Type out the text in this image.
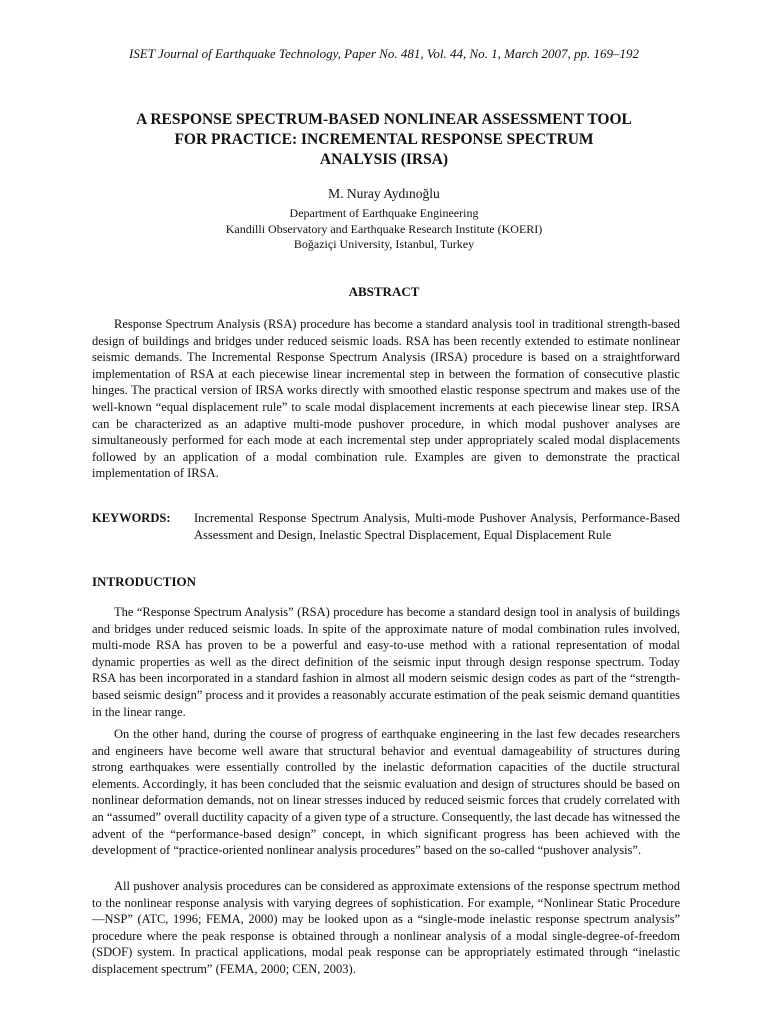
ISET Journal of Earthquake Technology, Paper No. 481, Vol. 44, No. 1, March 2007, pp. 169–192
A RESPONSE SPECTRUM-BASED NONLINEAR ASSESSMENT TOOL
FOR PRACTICE: INCREMENTAL RESPONSE SPECTRUM
ANALYSIS (IRSA)
M. Nuray Aydınoğlu
Department of Earthquake Engineering
Kandilli Observatory and Earthquake Research Institute (KOERI)
Boğaziçi University, Istanbul, Turkey
ABSTRACT
Response Spectrum Analysis (RSA) procedure has become a standard analysis tool in traditional strength-based design of buildings and bridges under reduced seismic loads. RSA has been recently extended to estimate nonlinear seismic demands. The Incremental Response Spectrum Analysis (IRSA) procedure is based on a straightforward implementation of RSA at each piecewise linear incremental step in between the formation of consecutive plastic hinges. The practical version of IRSA works directly with smoothed elastic response spectrum and makes use of the well-known “equal displacement rule” to scale modal displacement increments at each piecewise linear step. IRSA can be characterized as an adaptive multi-mode pushover procedure, in which modal pushover analyses are simultaneously performed for each mode at each incremental step under appropriately scaled modal displacements followed by an application of a modal combination rule. Examples are given to demonstrate the practical implementation of IRSA.
KEYWORDS:	Incremental Response Spectrum Analysis, Multi-mode Pushover Analysis, Performance-Based Assessment and Design, Inelastic Spectral Displacement, Equal Displacement Rule
INTRODUCTION
The “Response Spectrum Analysis” (RSA) procedure has become a standard design tool in analysis of buildings and bridges under reduced seismic loads. In spite of the approximate nature of modal combination rules involved, multi-mode RSA has proven to be a powerful and easy-to-use method with a rational representation of modal dynamic properties as well as the direct definition of the seismic input through design response spectrum. Today RSA has been incorporated in a standard fashion in almost all modern seismic design codes as part of the “strength-based seismic design” process and it provides a reasonably accurate estimation of the peak seismic demand quantities in the linear range.
On the other hand, during the course of progress of earthquake engineering in the last few decades researchers and engineers have become well aware that structural behavior and eventual damageability of structures during strong earthquakes were essentially controlled by the inelastic deformation capacities of the ductile structural elements. Accordingly, it has been concluded that the seismic evaluation and design of structures should be based on nonlinear deformation demands, not on linear stresses induced by reduced seismic forces that crudely correlated with an “assumed” overall ductility capacity of a given type of a structure. Consequently, the last decade has witnessed the advent of the “performance-based design” concept, in which significant progress has been achieved with the development of “practice-oriented nonlinear analysis procedures” based on the so-called “pushover analysis”.
All pushover analysis procedures can be considered as approximate extensions of the response spectrum method to the nonlinear response analysis with varying degrees of sophistication. For example, “Nonlinear Static Procedure—NSP” (ATC, 1996; FEMA, 2000) may be looked upon as a “single-mode inelastic response spectrum analysis” procedure where the peak response is obtained through a nonlinear analysis of a modal single-degree-of-freedom (SDOF) system. In practical applications, modal peak response can be appropriately estimated through “inelastic displacement spectrum” (FEMA, 2000; CEN, 2003).
